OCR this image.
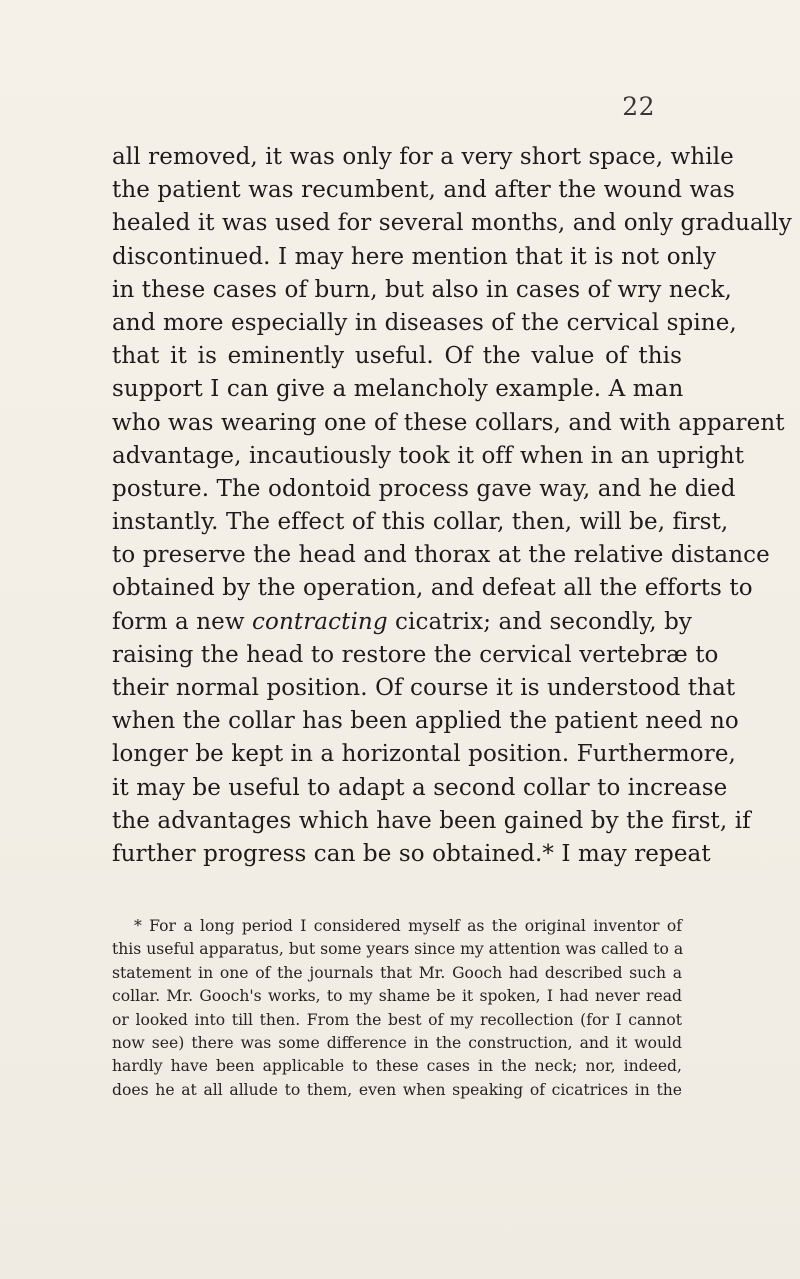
22
all removed, it was only for a very short space, while
the patient was recumbent, and after the wound was
healed it was used for several months, and only gradually
discontinued. I may here mention that it is not only
in these cases of burn, but also in cases of wry neck,
and more especially in diseases of the cervical spine,
that it is eminently useful. Of the value of this
support I can give a melancholy example. A man
who was wearing one of these collars, and with apparent
advantage, incautiously took it off when in an upright
posture. The odontoid process gave way, and he died
instantly. The effect of this collar, then, will be, first,
to preserve the head and thorax at the relative distance
obtained by the operation, and defeat all the efforts to
form a new contracting cicatrix; and secondly, by
raising the head to restore the cervical vertebræ to
their normal position. Of course it is understood that
when the collar has been applied the patient need no
longer be kept in a horizontal position. Furthermore,
it may be useful to adapt a second collar to increase
the advantages which have been gained by the first, if
further progress can be so obtained.* I may repeat
* For a long period I considered myself as the original inventor of
this useful apparatus, but some years since my attention was called to a
statement in one of the journals that Mr. Gooch had described such a
collar. Mr. Gooch's works, to my shame be it spoken, I had never read
or looked into till then. From the best of my recollection (for I cannot
now see) there was some difference in the construction, and it would
hardly have been applicable to these cases in the neck; nor, indeed,
does he at all allude to them, even when speaking of cicatrices in the
